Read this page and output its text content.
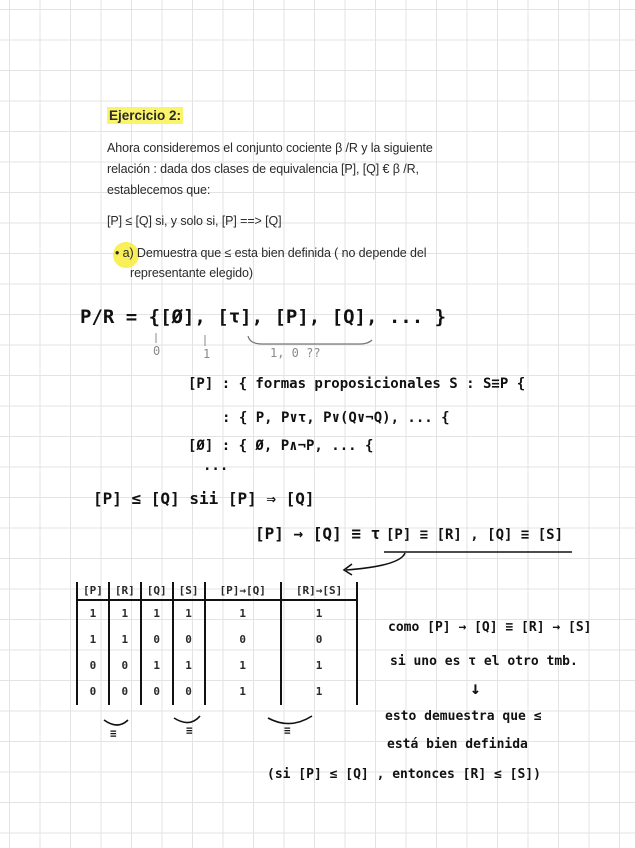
Ejercicio 2:
Ahora consideremos el conjunto cociente β /R y la siguiente
relación : dada dos clases de equivalencia [P], [Q] € β /R,
establecemos que:
[P] ≤ [Q] si, y solo si, [P] ==> [Q]
• a) Demuestra que ≤ esta bien definida ( no depende del
representante elegido)
P/R = {[Ø], [τ], [P], [Q], ... }
0	1	1, 0 ??
[P] : { formas proposicionales S : S≡P {
: { P, P∨τ, P∨(Q∨¬Q), ... {
[Ø] : { Ø, P∧¬P, ... {
...
[P] ≤ [Q] sii [P] ⇒ [Q]
[P] → [Q] ≡ τ [P] ≡ [R] , [Q] ≡ [S]
[P]	[R]	[Q]	[S]	[P]→[Q]	[R]→[S]
1	1	1	1	1	1
1	1	0	0	0	0
0	0	1	1	1	1
0	0	0	0	1	1
≡	≡	≡
como [P] → [Q] ≡ [R] → [S]
si uno es τ el otro tmb.
↓
esto demuestra que ≤
está bien definida
(si [P] ≤ [Q] , entonces [R] ≤ [S])
